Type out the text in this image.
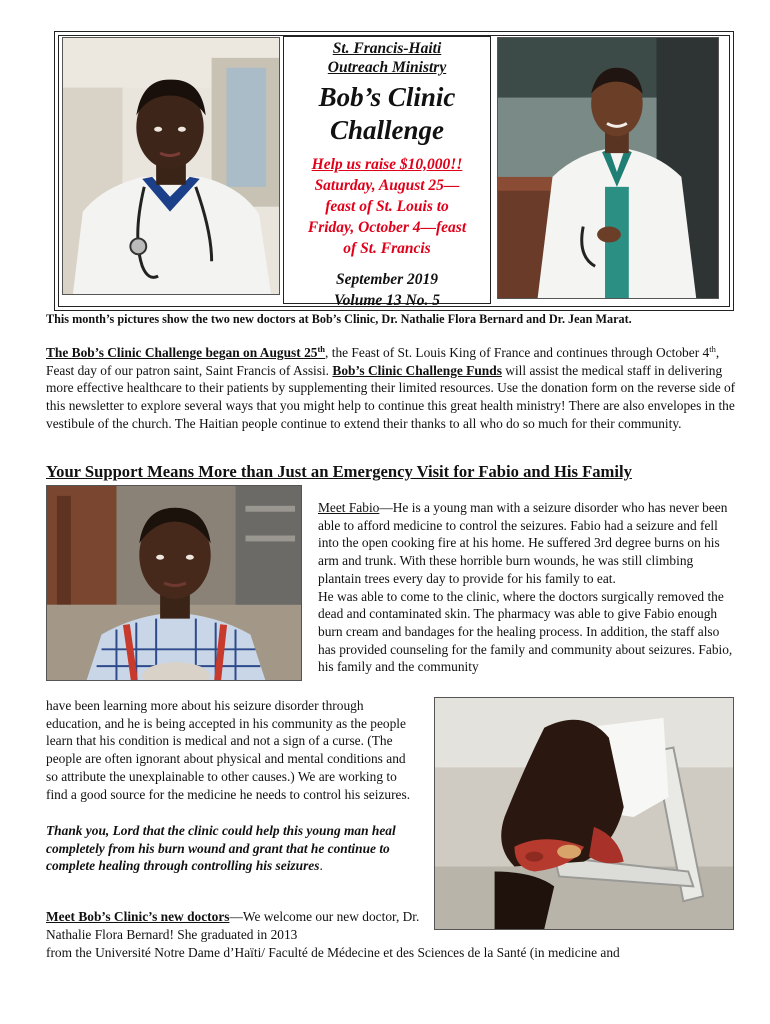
St. Francis-Haiti
Outreach Ministry
Bob’s Clinic
Challenge
Help us raise $10,000!!
Saturday, August 25—
feast of St. Louis to
Friday, October 4—feast
of St. Francis
September 2019
Volume 13 No. 5
This month’s pictures show the two new doctors at Bob’s Clinic, Dr. Nathalie Flora Bernard and Dr. Jean Marat.
The Bob’s Clinic Challenge began on August 25th, the Feast of St. Louis King of France and continues through October 4th, Feast day of our patron saint, Saint Francis of Assisi. Bob’s Clinic Challenge Funds will assist the medical staff in delivering more effective healthcare to their patients by supplementing their limited resources. Use the donation form on the reverse side of this newsletter to explore several ways that you might help to continue this great health ministry! There are also envelopes in the vestibule of the church. The Haitian people continue to extend their thanks to all who do so much for their community.
Your Support Means More than Just an Emergency Visit for Fabio and His Family
Meet Fabio—He is a young man with a seizure disorder who has never been able to afford medicine to control the seizures. Fabio had a seizure and fell into the open cooking fire at his home. He suffered 3rd degree burns on his arm and trunk. With these horrible burn wounds, he was still climbing plantain trees every day to provide for his family to eat.
He was able to come to the clinic, where the doctors surgically removed the dead and contaminated skin. The pharmacy was able to give Fabio enough burn cream and bandages for the healing process. In addition, the staff also has provided counseling for the family and community about seizures. Fabio, his family and the community
have been learning more about his seizure disorder through education, and he is being accepted in his community as the people learn that his condition is medical and not a sign of a curse. (The people are often ignorant about physical and mental conditions and so attribute the unexplainable to other causes.) We are working to find a good source for the medicine he needs to control his seizures.
Thank you, Lord that the clinic could help this young man heal completely from his burn wound and grant that he continue to complete healing through controlling his seizures.
Meet Bob’s Clinic’s new doctors—We welcome our new doctor, Dr. Nathalie Flora Bernard! She graduated in 2013
from the Université Notre Dame d’Haïti/ Faculté de Médecine et des Sciences de la Santé (in medicine and
